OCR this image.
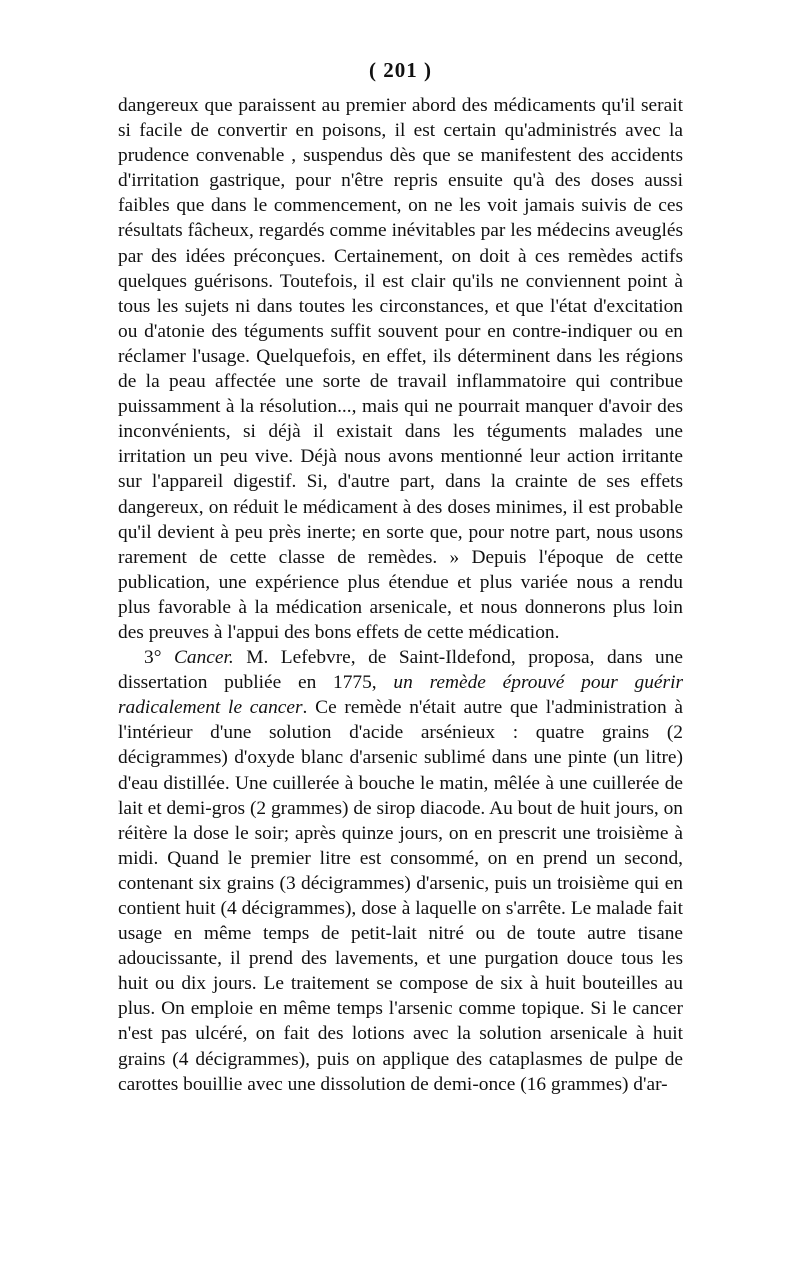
( 201 )

dangereux que paraissent au premier abord des médicaments qu'il serait si facile de convertir en poisons, il est certain qu'administrés avec la prudence convenable , suspendus dès que se manifestent des accidents d'irritation gastrique, pour n'être repris ensuite qu'à des doses aussi faibles que dans le commencement, on ne les voit jamais suivis de ces résultats fâcheux, regardés comme inévitables par les médecins aveuglés par des idées préconçues. Certainement, on doit à ces remèdes actifs quelques guérisons. Toutefois, il est clair qu'ils ne conviennent point à tous les sujets ni dans toutes les circonstances, et que l'état d'excitation ou d'atonie des téguments suffit souvent pour en contre-indiquer ou en réclamer l'usage. Quelquefois, en effet, ils déterminent dans les régions de la peau affectée une sorte de travail inflammatoire qui contribue puissamment à la résolution..., mais qui ne pourrait manquer d'avoir des inconvénients, si déjà il existait dans les téguments malades une irritation un peu vive. Déjà nous avons mentionné leur action irritante sur l'appareil digestif. Si, d'autre part, dans la crainte de ses effets dangereux, on réduit le médicament à des doses minimes, il est probable qu'il devient à peu près inerte; en sorte que, pour notre part, nous usons rarement de cette classe de remèdes. » Depuis l'époque de cette publication, une expérience plus étendue et plus variée nous a rendu plus favorable à la médication arsenicale, et nous donnerons plus loin des preuves à l'appui des bons effets de cette médication.

3° Cancer. M. Lefebvre, de Saint-Ildefond, proposa, dans une dissertation publiée en 1775, un remède éprouvé pour guérir radicalement le cancer. Ce remède n'était autre que l'administration à l'intérieur d'une solution d'acide arsénieux : quatre grains (2 décigrammes) d'oxyde blanc d'arsenic sublimé dans une pinte (un litre) d'eau distillée. Une cuillerée à bouche le matin, mêlée à une cuillerée de lait et demi-gros (2 grammes) de sirop diacode. Au bout de huit jours, on réitère la dose le soir; après quinze jours, on en prescrit une troisième à midi. Quand le premier litre est consommé, on en prend un second, contenant six grains (3 décigrammes) d'arsenic, puis un troisième qui en contient huit (4 décigrammes), dose à laquelle on s'arrête. Le malade fait usage en même temps de petit-lait nitré ou de toute autre tisane adoucissante, il prend des lavements, et une purgation douce tous les huit ou dix jours. Le traitement se compose de six à huit bouteilles au plus. On emploie en même temps l'arsenic comme topique. Si le cancer n'est pas ulcéré, on fait des lotions avec la solution arsenicale à huit grains (4 décigrammes), puis on applique des cataplasmes de pulpe de carottes bouillie avec une dissolution de demi-once (16 grammes) d'ar-
